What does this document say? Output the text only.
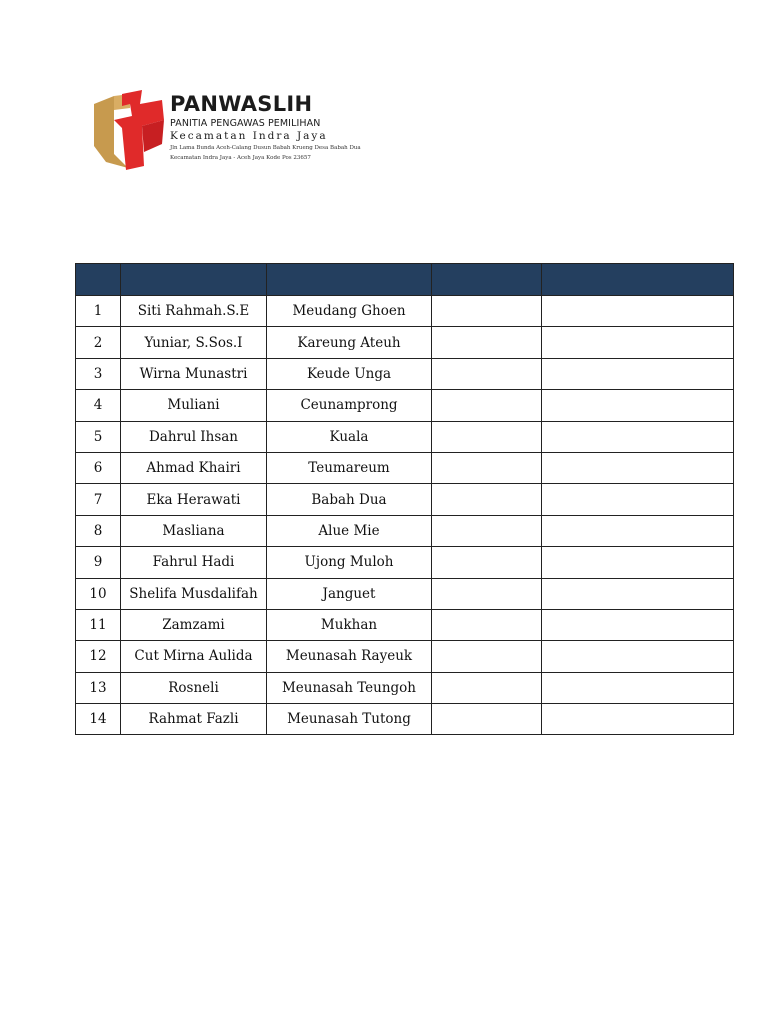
PANWASLIH
PANITIA PENGAWAS PEMILIHAN
Kecamatan Indra Jaya
Jln Lama Bunda Aceh-Calang Dusun Babah Krueng Desa Babah Dua
Kecamatan Indra Jaya - Aceh Jaya Kode Pos 23657

1	Siti Rahmah.S.E	Meudang Ghoen		
2	Yuniar, S.Sos.I	Kareung Ateuh		
3	Wirna Munastri	Keude Unga		
4	Muliani	Ceunamprong		
5	Dahrul Ihsan	Kuala		
6	Ahmad Khairi	Teumareum		
7	Eka Herawati	Babah Dua		
8	Masliana	Alue Mie		
9	Fahrul Hadi	Ujong Muloh		
10	Shelifa Musdalifah	Janguet		
11	Zamzami	Mukhan		
12	Cut Mirna Aulida	Meunasah Rayeuk		
13	Rosneli	Meunasah Teungoh		
14	Rahmat Fazli	Meunasah Tutong		
